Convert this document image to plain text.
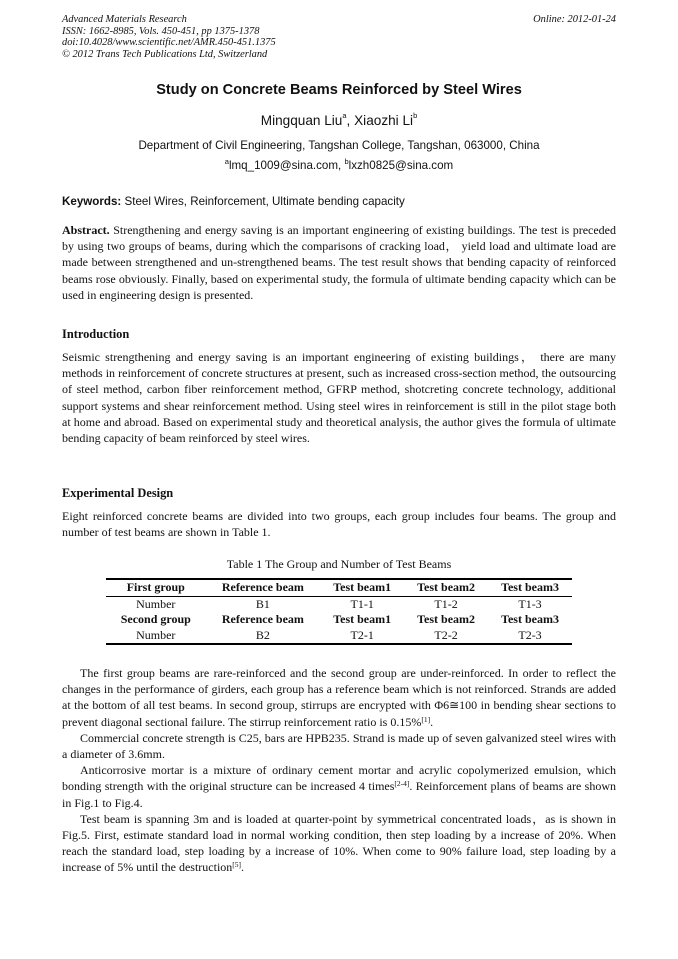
Advanced Materials Research
ISSN: 1662-8985, Vols. 450-451, pp 1375-1378
doi:10.4028/www.scientific.net/AMR.450-451.1375
© 2012 Trans Tech Publications Ltd, Switzerland
Online: 2012-01-24
Study on Concrete Beams Reinforced by Steel Wires
Mingquan Liu$^a$, Xiaozhi Li$^b$
Department of Civil Engineering, Tangshan College, Tangshan, 063000, China
$^a$lmq_1009@sina.com, $^b$lxzh0825@sina.com
Keywords: Steel Wires, Reinforcement, Ultimate bending capacity

Abstract. Strengthening and energy saving is an important engineering of existing buildings. The test is preceded by using two groups of beams, during which the comparisons of cracking load， yield load and ultimate load are made between strengthened and un-strengthened beams. The test result shows that bending capacity of reinforced beams rose obviously. Finally, based on experimental study, the formula of ultimate bending capacity which can be used in engineering design is presented.

Introduction

Seismic strengthening and energy saving is an important engineering of existing buildings， there are many methods in reinforcement of concrete structures at present, such as increased cross-section method, the outsourcing of steel method, carbon fiber reinforcement method, GFRP method, shotcreting concrete technology, additional support systems and shear reinforcement method. Using steel wires in reinforcement is still in the pilot stage both at home and abroad. Based on experimental study and theoretical analysis, the author gives the formula of ultimate bending capacity of beam reinforced by steel wires.

Experimental Design

Eight reinforced concrete beams are divided into two groups, each group includes four beams. The group and number of test beams are shown in Table 1.

Table 1 The Group and Number of Test Beams
First group	Reference beam	Test beam1	Test beam2	Test beam3
Number	B1	T1-1	T1-2	T1-3
Second group	Reference beam	Test beam1	Test beam2	Test beam3
Number	B2	T2-1	T2-2	T2-3

The first group beams are rare-reinforced and the second group are under-reinforced. In order to reflect the changes in the performance of girders, each group has a reference beam which is not reinforced. Strands are added at the bottom of all test beams. In second group, stirrups are encrypted with Φ6≅100 in bending shear sections to prevent diagonal sectional failure. The stirrup reinforcement ratio is 0.15%[1].

Commercial concrete strength is C25, bars are HPB235. Strand is made up of seven galvanized steel wires with a diameter of 3.6mm.

Anticorrosive mortar is a mixture of ordinary cement mortar and acrylic copolymerized emulsion, which bonding strength with the original structure can be increased 4 times[2-4]. Reinforcement plans of beams are shown in Fig.1 to Fig.4.

Test beam is spanning 3m and is loaded at quarter-point by symmetrical concentrated loads，as is shown in Fig.5. First, estimate standard load in normal working condition, then step loading by a increase of 20%. When reach the standard load, step loading by a increase of 10%. When come to 90% failure load, step loading by a increase of 5% until the destruction[5].
